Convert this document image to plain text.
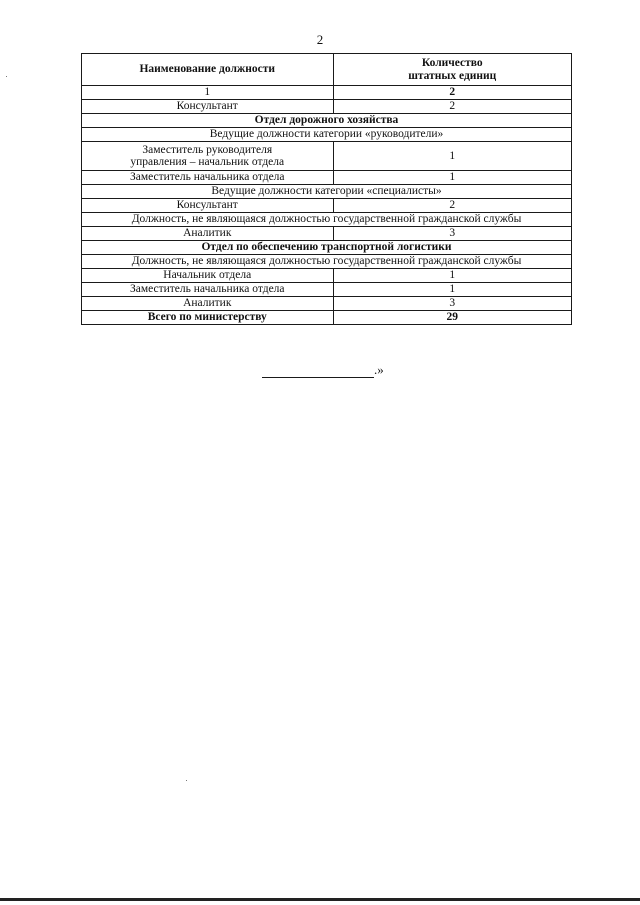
2
Наименование должности	Количество
штатных единиц
1	2
Консультант	2
Отдел дорожного хозяйства	
Ведущие должности категории «руководители»	
Заместитель руководителя
управления – начальник отдела	1
Заместитель начальника отдела	1
Ведущие должности категории «специалисты»	
Консультант	2
Должность, не являющаяся должностью государственной гражданской службы	
Аналитик	3
Отдел по обеспечению транспортной логистики	
Должность, не являющаяся должностью государственной гражданской службы	
Начальник отдела	1
Заместитель начальника отдела	1
Аналитик	3
Всего по министерству	29
.»
